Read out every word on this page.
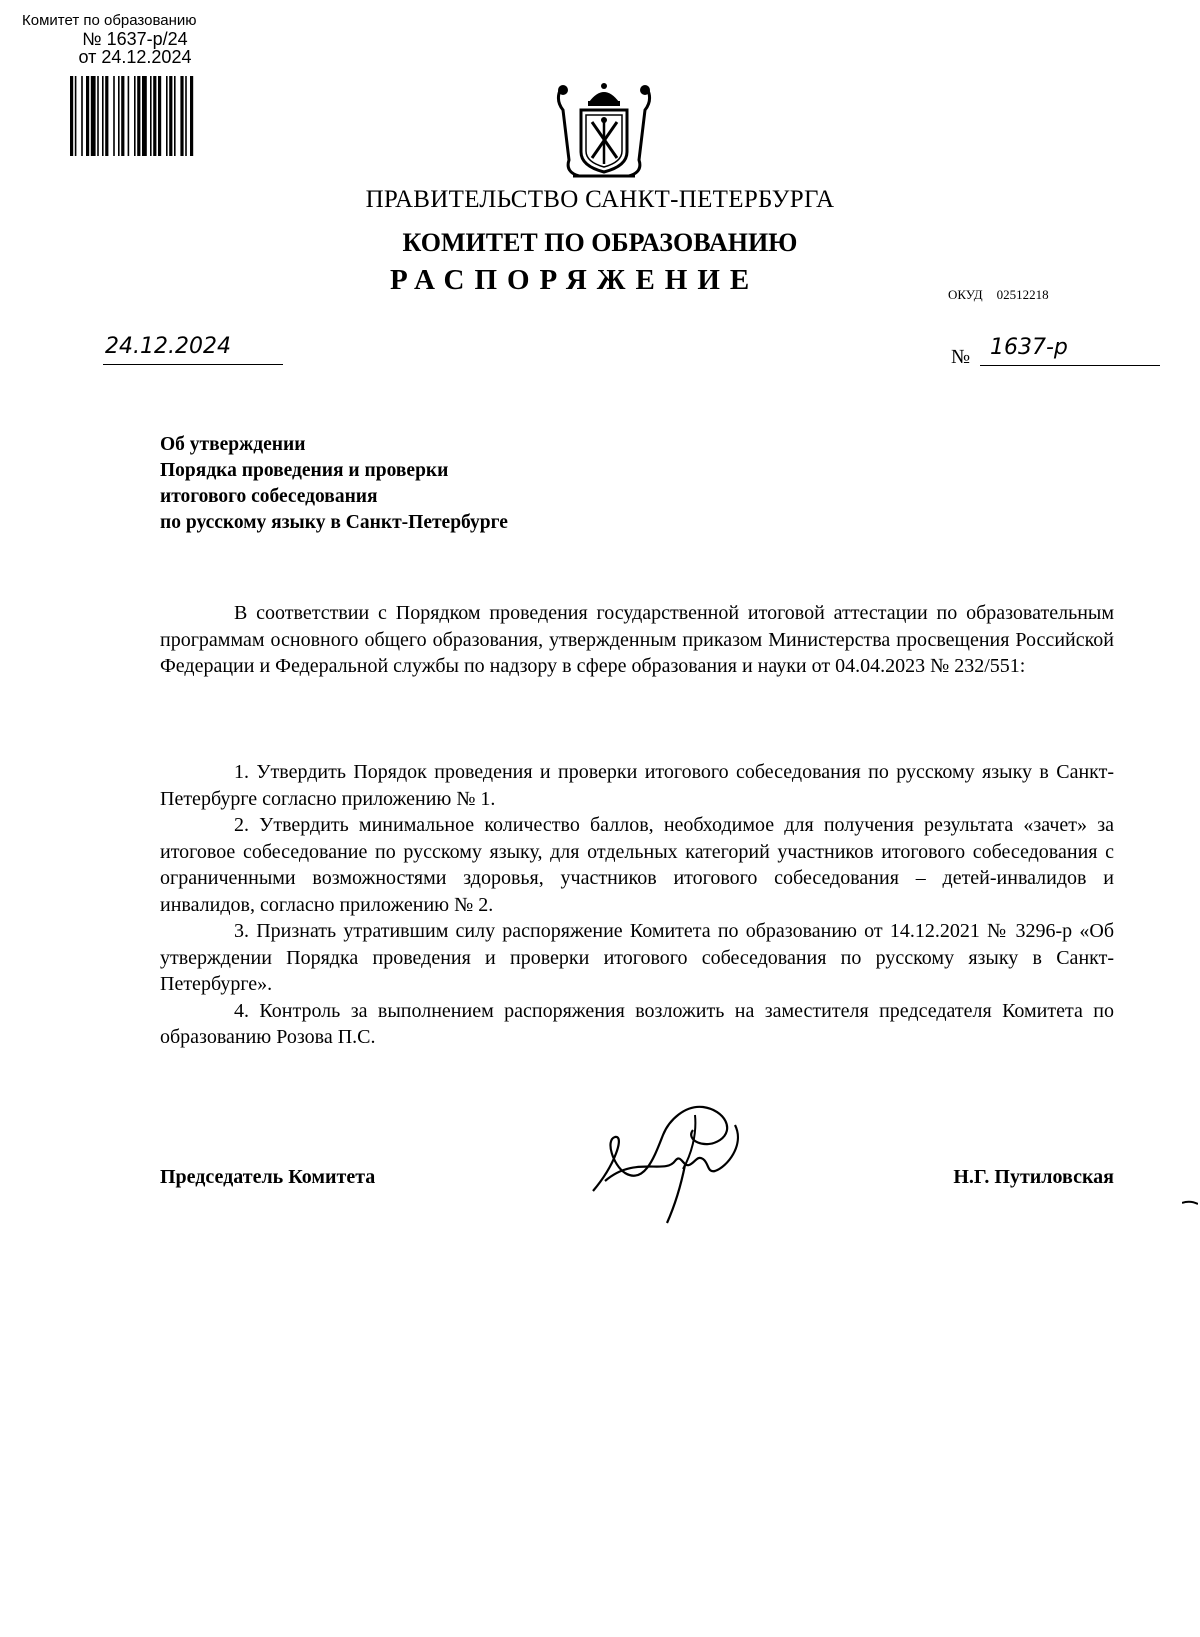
Комитет по образованию
№ 1637-р/24
от 24.12.2024
ПРАВИТЕЛЬСТВО САНКТ-ПЕТЕРБУРГА
КОМИТЕТ ПО ОБРАЗОВАНИЮ
РАСПОРЯЖЕНИЕ	ОКУД 02512218
24.12.2024	№ 1637-р
Об утверждении
Порядка проведения и проверки
итогового собеседования
по русскому языку в Санкт-Петербурге
В соответствии с Порядком проведения государственной итоговой аттестации по образовательным программам основного общего образования, утвержденным приказом Министерства просвещения Российской Федерации и Федеральной службы по надзору в сфере образования и науки от 04.04.2023 № 232/551:

1. Утвердить Порядок проведения и проверки итогового собеседования по русскому языку в Санкт-Петербурге согласно приложению № 1.

2. Утвердить минимальное количество баллов, необходимое для получения результата «зачет» за итоговое собеседование по русскому языку, для отдельных категорий участников итогового собеседования с ограниченными возможностями здоровья, участников итогового собеседования – детей-инвалидов и инвалидов, согласно приложению № 2.

3. Признать утратившим силу распоряжение Комитета по образованию от 14.12.2021 № 3296-р «Об утверждении Порядка проведения и проверки итогового собеседования по русскому языку в Санкт-Петербурге».

4. Контроль за выполнением распоряжения возложить на заместителя председателя Комитета по образованию Розова П.С.

Председатель Комитета	Н.Г. Путиловская
